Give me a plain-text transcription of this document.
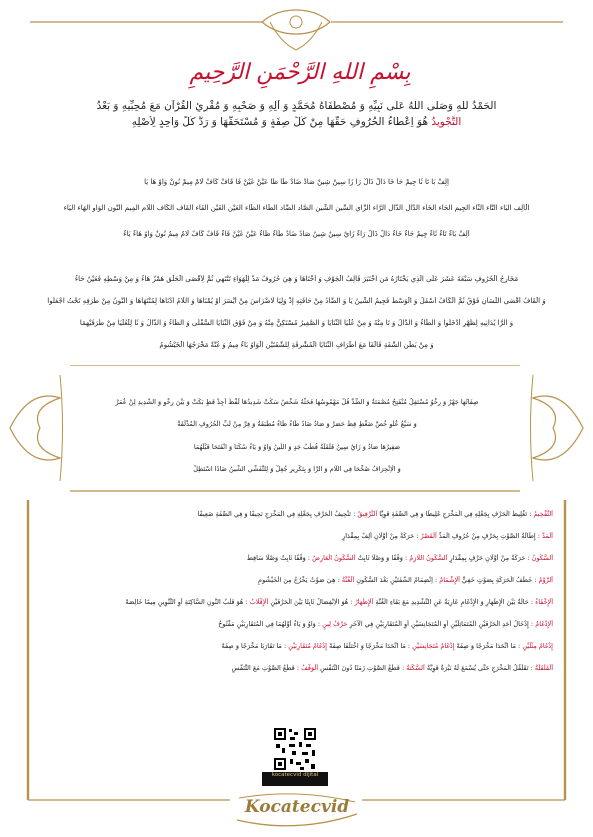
بِسْمِ اللهِ الرَّحْمَنِ الرَّحِيمِ
اَلْحَمْدُ للهِ وَصَلَّى اللهُ عَلَى نَبِيِّهِ وَ مُصْطَفَاهُ مُحَمَّدٍ وَ آلِهِ وَ صَحْبِهِ وَ مُقْرِئِ الْقُرْآنِ مَعَ مُحِبِّيهِ وَ بَعْدُ
اَلتَّجْوِيدُ هُوَ اِعْطَاءُ الْحُرُوفِ حَقَّهَا مِنْ كُلِّ صِفَةٍ وَ مُسْتَحَقَّهَا وَ رَدُّ كُلٍّ وَاحِدٍ لِأَصْلِهِ
اِلِفْ بَا تَا ثَا جِيمْ حَا خَا دَالْ ذَالْ رَا زَا سِينْ شِينْ صَادْ ضَادْ طَا ظَا عَيْنْ غَيْنْ فَا قَافْ كَافْ لَامْ مِيمْ نُونْ وَاوْ هَا يَا
الْأَلِف البَاء التَّاء الثَّاء الجِيم الحَاء الخَاء الدَّال الذَّال الرَّاء الزَّاي السِّين الشِّين الصَّاد الضَّاد الطَّاء الظَّاء العَيْن الغَيْن الفَاء القَاف الكَاف اللَّام المِيم النُّون الوَاو الهَاء اليَاء
اَلِفْ بَاءٌ تَاءٌ ثَاءٌ جِيمٌ حَاءٌ خَاءٌ دَالٌ ذَالٌ رَاءٌ زَايٌ سِينٌ شِينٌ صَادٌ ضَادٌ طَاءٌ ظَاءٌ عَيْنٌ غَيْنٌ فَاءٌ قَافٌ كَافٌ لَامٌ مِيمٌ نُونٌ وَاوٌ هَاءٌ يَاءٌ
مَخَارِجُ الْحُرُوفِ سَبْعَةَ عَشَرَ عَلَى الَّذِي يَخْتَارُهُ مَنِ اخْتَبَرَ فَأَلِفُ الْجَوْفِ وَ أُخْتَاهَا وَ هِيَ حُرُوفُ مَدٍّ لِلْهَوَاءِ تَنْتَهِي ثُمَّ لِأَقْصَى الْحَلْقِ هَمْزٌ هَاءُ وَ مِنْ وَسْطِهِ فَعَيْنٌ حَاءُ
وَ الْقَافُ أَقْصَى اللِّسَانِ فَوْقُ ثُمَّ الْكَافُ أَسْفَلُ وَ الْوَسْطُ فَجِيمُ الشِّينُ يَا وَ الضَّادُ مِنْ حَافَتِهِ إِذْ وَلِيَا لَاضْرَاسَ مِنْ أَيْسَرَ أَوْ يُمْنَاهَا وَ اللَّامُ أَدْنَاهَا لِمُنْتَهَاهَا وَ النُّونُ مِنْ طَرَفِهِ تَحْتُ اجْعَلُوا
وَ الرَّا يُدَانِيهِ لِظَهْرٍ أَدْخَلُوا وَ الطَّاءُ وَ الدَّالُ وَ تَا مِنْهُ وَ مِنْ عُلْيَا الثَّنَايَا وَ الصَّفِيرُ مُسْتَكِنٌّ مِنْهُ وَ مِنْ فَوْقِ الثَّنَايَا السُّفْلَى وَ الظَّاءُ وَ الذَّالُ وَ ثَا لِلْعُلْيَا مِنْ طَرَفَيْهِمَا
وَ مِنْ بَطْنِ الشَّفَةِ فَالْفَا مَعَ أَطْرَافِ الثَّنَايَا الْمُشْرِفَةِ لِلشَّفَتَيْنِ الْوَاوُ بَاءٌ مِيمُ وَ غُنَّةٌ مَخْرَجُهَا الْخَيْشُومُ
صِفَاتُهَا جَهْرٌ وَ رِخْوٌ مُسْتَفِلٌ مُنْفَتِحٌ مُصْمَتَةٌ وَ الضِّدَّ قُلْ مَهْمُوسُهَا فَحَثَّهُ شَخْصٌ سَكَتْ شَدِيدُهَا لَفْظُ أَجِدْ قَطٍ بَكَتْ وَ بَيْنَ رِخْوٍ وَ الشَّدِيدِ لِنْ عُمَرْ
وَ سَبْعُ عُلْوٍ خُصَّ ضَغْطٍ قِظْ حَصَرْ وَ صَادُ ضَادٌ طَاءٌ ظَاءٌ مُطْبَقَةٌ وَ فِرَّ مِنْ لُبِّ الْحُرُوفِ الْمُذْلَقَةْ
صَفِيرُهَا صَادٌ وَ زَايٌ سِينُ قَلْقَلَةٌ قُطْبُ جَدٍ وَ اللِّينُ وَاوٌ وَ يَاءٌ سُكِّنَا وَ انْفَتَحَا قَبْلَهُمَا
وَ الْاِنْحِرَافُ صُحِّحَا فِي اللَّامِ وَ الرَّا وَ بِتَكْرِيرٍ جُعِلْ وَ لِلتَّفَشِّي الشِّينُ ضَادًا اسْتَطِلْ
اَلتَّفْخِيمُ : تَغْلِيظُ الْحَرْفِ بِجَعْلِهِ فِي الْمَخْرَجِ غَلِيظًا وَ فِي الصِّفَةِ قَوِيًّا اَلتَّرْقِيقُ : تَنْحِيفُ الْحَرْفِ بِجَعْلِهِ فِي الْمَخْرَجِ نَحِيفًا وَ فِي الصِّفَةِ ضَعِيفًا
اَلْمَدُّ : إِطَالَةُ الصَّوْتِ بِحَرْفٍ مِنْ حُرُوفِ الْمَدِّ اَلْقَصْرُ : حَرَكَةٌ مِنْ أَوَّلَانِ أَلِفٌ بِمِقْدَارٍ
اَلسُّكُونُ : حَرَكَةٌ مِنْ أَوَّلَانِ حَرْفٍ بِمِقْدَارٍ اَلسُّكُونُ اللَّازِمُ : وَقْفًا وَ وَصْلًا ثَابِتٌ اَلسُّكُونُ الْعَارِضُ : وَقْفًا ثَابِتٌ وَصْلًا سَاقِطٌ
اَلرَّوْمُ : خَطْفُ الْحَرَكَةِ بِصَوْتٍ خَفِيٍّ اَلْإِشْمَامُ : اِنْضِمَامُ الشَّفَتَيْنِ بَعْدَ السُّكُونِ اَلْغُنَّةُ : هِيَ صَوْتٌ يَخْرُجُ مِنَ الْخَيْشُومِ
اَلْإِخْفَاءُ : حَالَةٌ بَيْنَ الْإِظْهَارِ وَ الْإِدْغَامِ عَارِيَةٌ عَنِ التَّشْدِيدِ مَعَ بَقَاءِ الْغُنَّةِ اَلْإِظْهَارُ : هُوَ الْاِنْفِصَالُ ثَابِتًا بَيْنَ الْحَرْفَيْنِ اَلْإِقْلَابُ : هُوَ قَلْبُ النُّونِ السَّاكِنَةِ أَوِ التَّنْوِينِ مِيمًا خَالِصَةً
اَلْإِدْغَامُ : إِدْخَالُ أَحَدِ الْحَرْفَيْنِ الْمُتَمَاثِلَيْنِ أَوِ الْمُتَجَانِسَيْنِ أَوِ الْمُتَقَارِبَيْنِ فِي الْآخَرِ حَرْفُ لِينٍ : وَاوٌ وَ يَاءٌ أَوَّلُهُمَا فِي الْمُتَقَارِبَيْنِ مَفْتُوحٌ
إِدْغَامُ مِثْلَيْنِ : مَا اتَّحَدَا مَخْرَجًا وَ صِفَةً إِدْغَامُ مُتَجَانِسَيْنِ : مَا اتَّحَدَا مَخْرَجًا وَ اخْتَلَفَا صِفَةً إِدْغَامُ مُتَقَارِبَيْنِ : مَا تَقَارَبَا مَخْرَجًا وَ صِفَةً
اَلْقَلْقَلَةُ : تَقَلْقُلُ الْمَخْرَجِ حَتَّى يُسْمَعَ لَهُ نَبْرَةٌ قَوِيَّةٌ اَلسَّكْتَةُ : قَطْعُ الصَّوْتِ زَمَنًا دُونَ التَّنَفُّسِ اَلْوَقْفُ : قَطْعُ الصَّوْتِ مَعَ التَّنَفُّسِ
kocatecvid dijital
Kocatecvid
